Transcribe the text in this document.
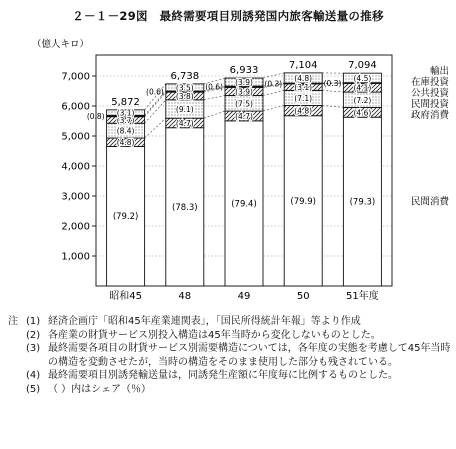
２－１－29図　最終需要項目別誘発国内旅客輸送量の推移
（億人キロ）
1,000
2,000
3,000
4,000
5,000
6,000
7,000
(79.2)
(4.8)
(8.4)
(3.7)
(0.8) (3.1)
5,872
昭和45
(78.3)
(4.7)
(9.1)
(3.8)
(0.6) (3.5)
6,738
48
(79.4)
(4.7)
(7.5)
(3.9)
(0.6)
(3.9)
6,933
49
(79.9)
(4.8)
(7.1)
(3.1)
(0.3)
(4.8)
7,104
50
(79.3)
(4.6)
(7.2)
(4.1)
(0.3)
(4.5)
7,094
51年度
民間消費
政府消費
民間投資
公共投資
在庫投資
輸出
注 (1) 経済企画庁「昭和45年産業連関表」，「国民所得統計年報」等より作成
(2) 各産業の財貨サービス別投入構造は45年当時から変化しないものとした。
(3) 最終需要各項目の財貨サービス別需要構造については，各年度の実態を考慮して45年当時の構造を変動させたが，当時の構造をそのまま使用した部分も残されている。
(4) 最終需要項目別誘発輸送量は，同誘発生産額に年度毎に比例するものとした。
(5) （ ）内はシェア（％）
